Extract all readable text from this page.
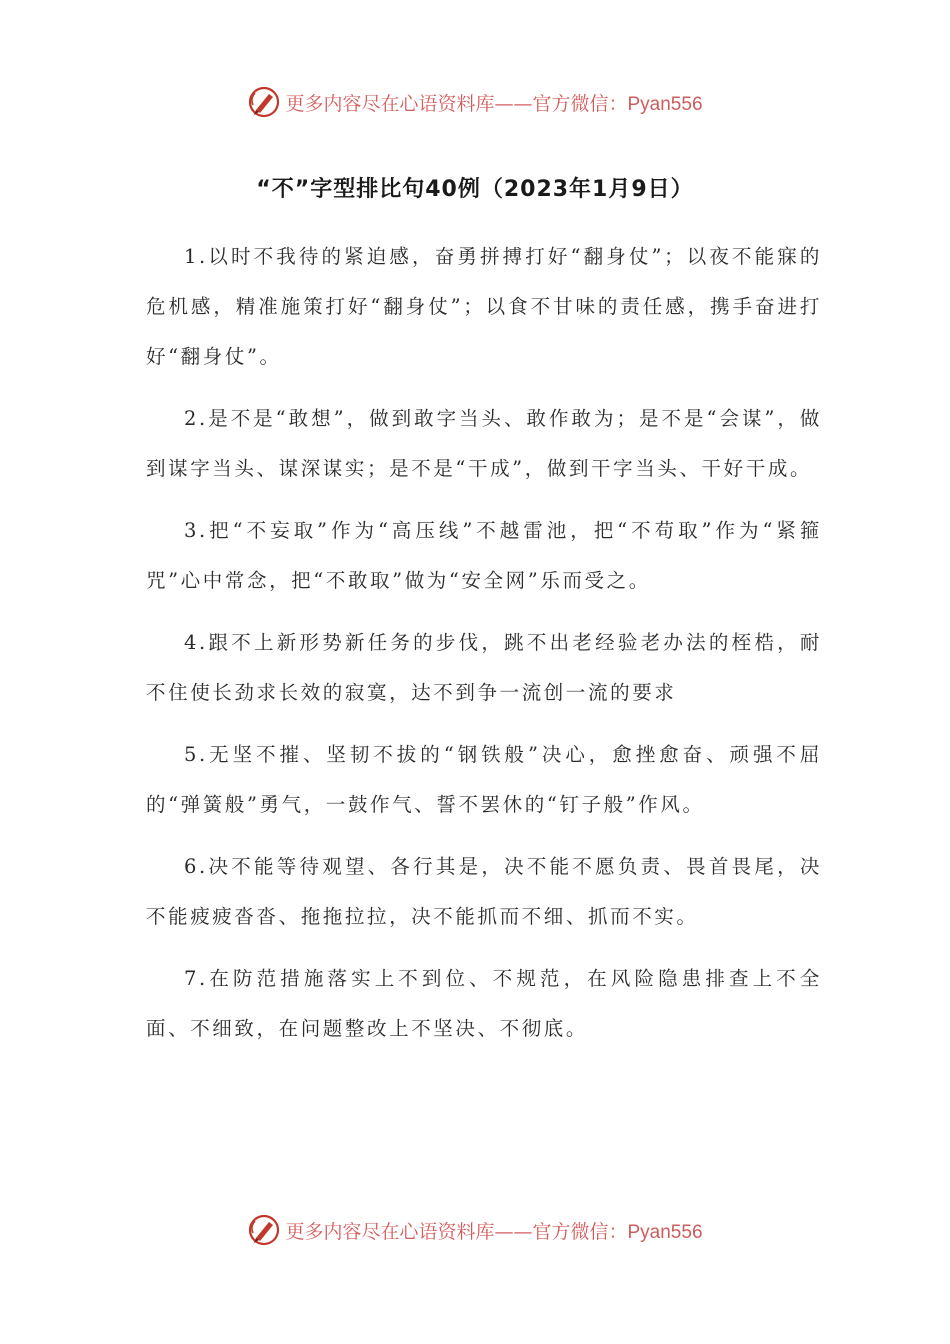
更多内容尽在心语资料库——官方微信：Pyan556
“不”字型排比句40例（2023年1月9日）

1.以时不我待的紧迫感，奋勇拼搏打好“翻身仗”；以夜不能寐的危机感，精准施策打好“翻身仗”；以食不甘味的责任感，携手奋进打好“翻身仗”。

2.是不是“敢想”，做到敢字当头、敢作敢为；是不是“会谋”，做到谋字当头、谋深谋实；是不是“干成”，做到干字当头、干好干成。

3.把“不妄取”作为“高压线”不越雷池，把“不苟取”作为“紧箍咒”心中常念，把“不敢取”做为“安全网”乐而受之。

4.跟不上新形势新任务的步伐，跳不出老经验老办法的桎梏，耐不住使长劲求长效的寂寞，达不到争一流创一流的要求

5.无坚不摧、坚韧不拔的“钢铁般”决心，愈挫愈奋、顽强不屈的“弹簧般”勇气，一鼓作气、誓不罢休的“钉子般”作风。

6.决不能等待观望、各行其是，决不能不愿负责、畏首畏尾，决不能疲疲沓沓、拖拖拉拉，决不能抓而不细、抓而不实。

7.在防范措施落实上不到位、不规范，在风险隐患排查上不全面、不细致，在问题整改上不坚决、不彻底。

更多内容尽在心语资料库——官方微信：Pyan556
